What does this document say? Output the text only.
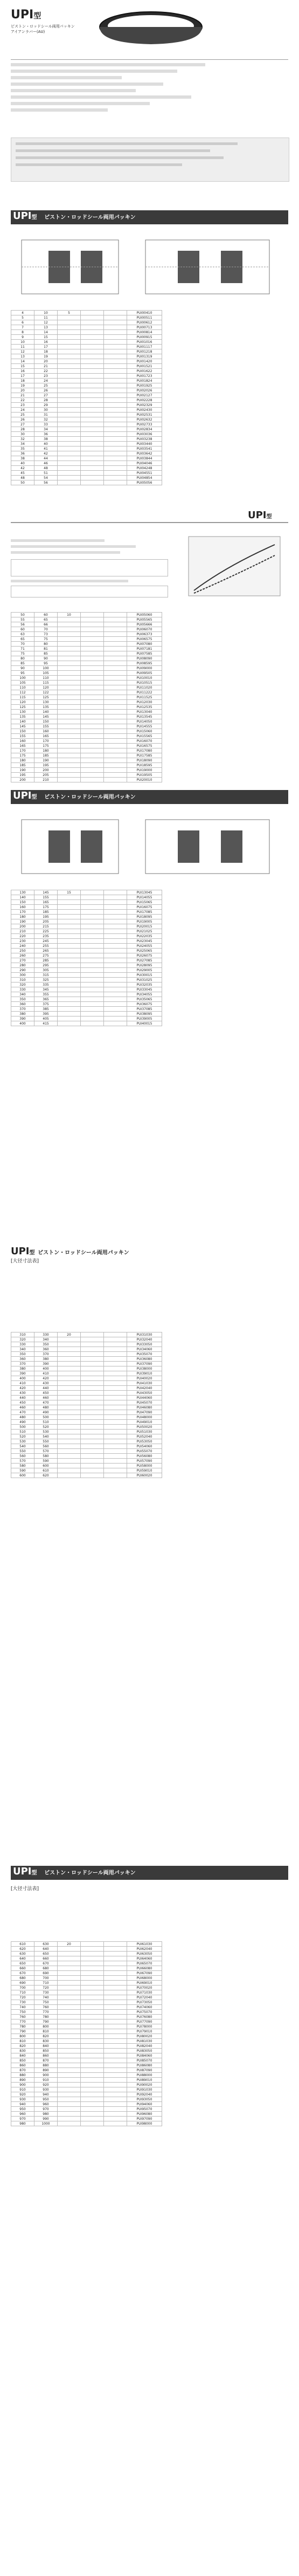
UPI型
ピストン・ロッドシール両用パッキン
アイアンラバー(AU)
UPI型 ピストン・ロッドシール両用パッキン
4	10	5			PUI00410
5	11				PUI00511
6	12				PUI00612
7	13				PUI00713
8	14				PUI00814
9	15				PUI00915
10	16				PUI01016
11	17				PUI01117
12	18				PUI01218
13	19				PUI01319
14	20				PUI01420
15	21				PUI01521
16	22				PUI01622
17	23				PUI01723
18	24				PUI01824
19	25				PUI01925
20	26				PUI02026
21	27				PUI02127
22	28				PUI02228
23	29				PUI02329
24	30				PUI02430
25	31				PUI02531
26	32				PUI02632
27	33				PUI02733
28	34				PUI02834
30	36				PUI03036
32	38				PUI03238
34	40				PUI03440
35	41				PUI03541
36	42				PUI03642
38	44				PUI03844
40	46				PUI04046
42	48				PUI04248
45	51				PUI04551
48	54				PUI04854
50	56				PUI05056
UPI型
50	60	10			PUI05060
55	65				PUI05565
56	66				PUI05666
60	70				PUI06070
63	73				PUI06373
65	75				PUI06575
70	80				PUI07080
71	81				PUI07181
75	85				PUI07585
80	90				PUI08090
85	95				PUI08595
90	100				PUI09000
95	105				PUI09505
100	110				PUI10010
105	115				PUI10515
110	120				PUI11020
112	122				PUI11222
115	125				PUI11525
120	130				PUI12030
125	135				PUI12535
130	140				PUI13040
135	145				PUI13545
140	150				PUI14050
145	155				PUI14555
150	160				PUI15060
155	165				PUI15565
160	170				PUI16070
165	175				PUI16575
170	180				PUI17080
175	185				PUI17585
180	190				PUI18090
185	195				PUI18595
190	200				PUI19000
195	205				PUI19505
200	210				PUI20010
UPI型 ピストン・ロッドシール両用パッキン
130	145	15			PUI13045
140	155				PUI14055
150	165				PUI15065
160	175				PUI16075
170	185				PUI17085
180	195				PUI18095
190	205				PUI19005
200	215				PUI20015
210	225				PUI21025
220	235				PUI22035
230	245				PUI23045
240	255				PUI24055
250	265				PUI25065
260	275				PUI26075
270	285				PUI27085
280	295				PUI28095
290	305				PUI29005
300	315				PUI30015
310	325				PUI31025
320	335				PUI32035
330	345				PUI33045
340	355				PUI34055
350	365				PUI35065
360	375				PUI36075
370	385				PUI37085
380	395				PUI38095
390	405				PUI39005
400	415				PUI40015
UPI型 ピストン・ロッドシール両用パッキン
[大径寸法表]
310	330	20			PUI31030
320	340				PUI32040
330	350				PUI33050
340	360				PUI34060
350	370				PUI35070
360	380				PUI36080
370	390				PUI37090
380	400				PUI38000
390	410				PUI39010
400	420				PUI40020
410	430				PUI41030
420	440				PUI42040
430	450				PUI43050
440	460				PUI44060
450	470				PUI45070
460	480				PUI46080
470	490				PUI47090
480	500				PUI48000
490	510				PUI49010
500	520				PUI50020
510	530				PUI51030
520	540				PUI52040
530	550				PUI53050
540	560				PUI54060
550	570				PUI55070
560	580				PUI56080
570	590				PUI57090
580	600				PUI58000
590	610				PUI59010
600	620				PUI60020
UPI型 ピストン・ロッドシール両用パッキン
[大径寸法表]
610	630	20			PUI61030
620	640				PUI62040
630	650				PUI63050
640	660				PUI64060
650	670				PUI65070
660	680				PUI66080
670	690				PUI67090
680	700				PUI68000
690	710				PUI69010
700	720				PUI70020
710	730				PUI71030
720	740				PUI72040
730	750				PUI73050
740	760				PUI74060
750	770				PUI75070
760	780				PUI76080
770	790				PUI77090
780	800				PUI78000
790	810				PUI79010
800	820				PUI80020
810	830				PUI81030
820	840				PUI82040
830	850				PUI83050
840	860				PUI84060
850	870				PUI85070
860	880				PUI86080
870	890				PUI87090
880	900				PUI88000
890	910				PUI89010
900	920				PUI90020
910	930				PUI91030
920	940				PUI92040
930	950				PUI93050
940	960				PUI94060
950	970				PUI95070
960	980				PUI96080
970	990				PUI97090
980	1000				PUI98000
